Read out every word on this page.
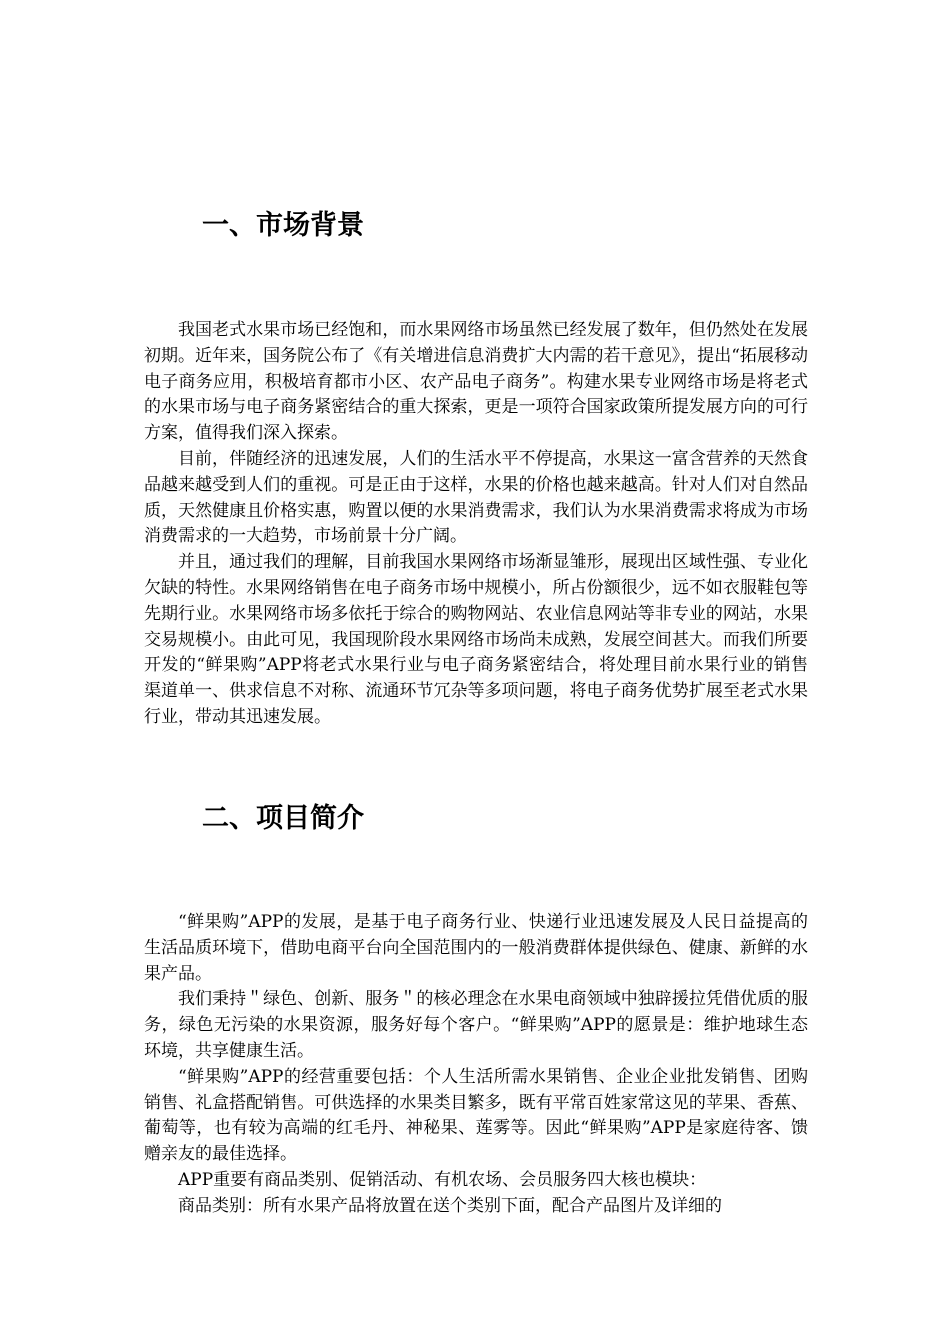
一、市场背景

我国老式水果市场已经饱和，而水果网络市场虽然已经发展了数年，但仍然处在发展初期。近年来，国务院公布了《有关增进信息消费扩大内需的若干意见》，提出“拓展移动电子商务应用，积极培育都市小区、农产品电子商务”。构建水果专业网络市场是将老式的水果市场与电子商务紧密结合的重大探索，更是一项符合国家政策所提发展方向的可行方案，值得我们深入探索。

目前，伴随经济的迅速发展，人们的生活水平不停提高，水果这一富含营养的天然食品越来越受到人们的重视。可是正由于这样，水果的价格也越来越高。针对人们对自然品质，天然健康且价格实惠，购置以便的水果消费需求，我们认为水果消费需求将成为市场消费需求的一大趋势，市场前景十分广阔。

并且，通过我们的理解，目前我国水果网络市场渐显雏形，展现出区域性强、专业化欠缺的特性。水果网络销售在电子商务市场中规模小，所占份额很少，远不如衣服鞋包等先期行业。水果网络市场多依托于综合的购物网站、农业信息网站等非专业的网站，水果交易规模小。由此可见，我国现阶段水果网络市场尚未成熟，发展空间甚大。而我们所要开发的“鲜果购”APP将老式水果行业与电子商务紧密结合，将处理目前水果行业的销售渠道单一、供求信息不对称、流通环节冗杂等多项问题，将电子商务优势扩展至老式水果行业，带动其迅速发展。

二、项目简介

“鲜果购”APP的发展，是基于电子商务行业、快递行业迅速发展及人民日益提高的生活品质环境下，借助电商平台向全国范围内的一般消费群体提供绿色、健康、新鲜的水果产品。

我们秉持＂绿色、创新、服务＂的核必理念在水果电商领域中独辟援拉凭借优质的服务，绿色无污染的水果资源，服务好每个客户。“鲜果购”APP的愿景是：维护地球生态环境，共享健康生活。

“鲜果购”APP的经营重要包括：个人生活所需水果销售、企业企业批发销售、团购销售、礼盒搭配销售。可供选择的水果类目繁多，既有平常百姓家常这见的苹果、香蕉、葡萄等，也有较为高端的红毛丹、神秘果、莲雾等。因此“鲜果购”APP是家庭待客、馈赠亲友的最佳选择。

APP重要有商品类别、促销活动、有机农场、会员服务四大核也模块：

商品类别：所有水果产品将放置在送个类别下面，配合产品图片及详细的
